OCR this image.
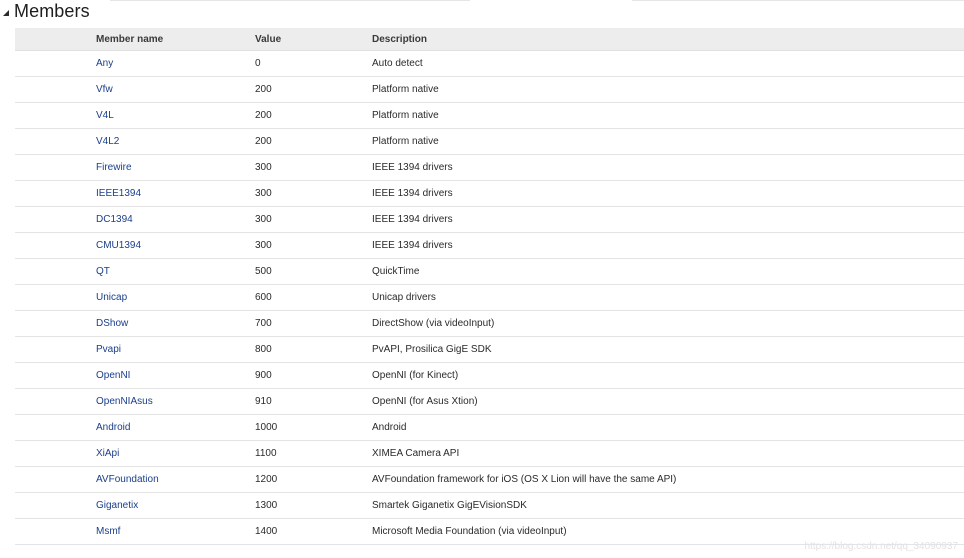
Members
	Member name	Value	Description
	Any	0	Auto detect
	Vfw	200	Platform native
	V4L	200	Platform native
	V4L2	200	Platform native
	Firewire	300	IEEE 1394 drivers
	IEEE1394	300	IEEE 1394 drivers
	DC1394	300	IEEE 1394 drivers
	CMU1394	300	IEEE 1394 drivers
	QT	500	QuickTime
	Unicap	600	Unicap drivers
	DShow	700	DirectShow (via videoInput)
	Pvapi	800	PvAPI, Prosilica GigE SDK
	OpenNI	900	OpenNI (for Kinect)
	OpenNIAsus	910	OpenNI (for Asus Xtion)
	Android	1000	Android
	XiApi	1100	XIMEA Camera API
	AVFoundation	1200	AVFoundation framework for iOS (OS X Lion will have the same API)
	Giganetix	1300	Smartek Giganetix GigEVisionSDK
	Msmf	1400	Microsoft Media Foundation (via videoInput)
https://blog.csdn.net/qq_34090937
